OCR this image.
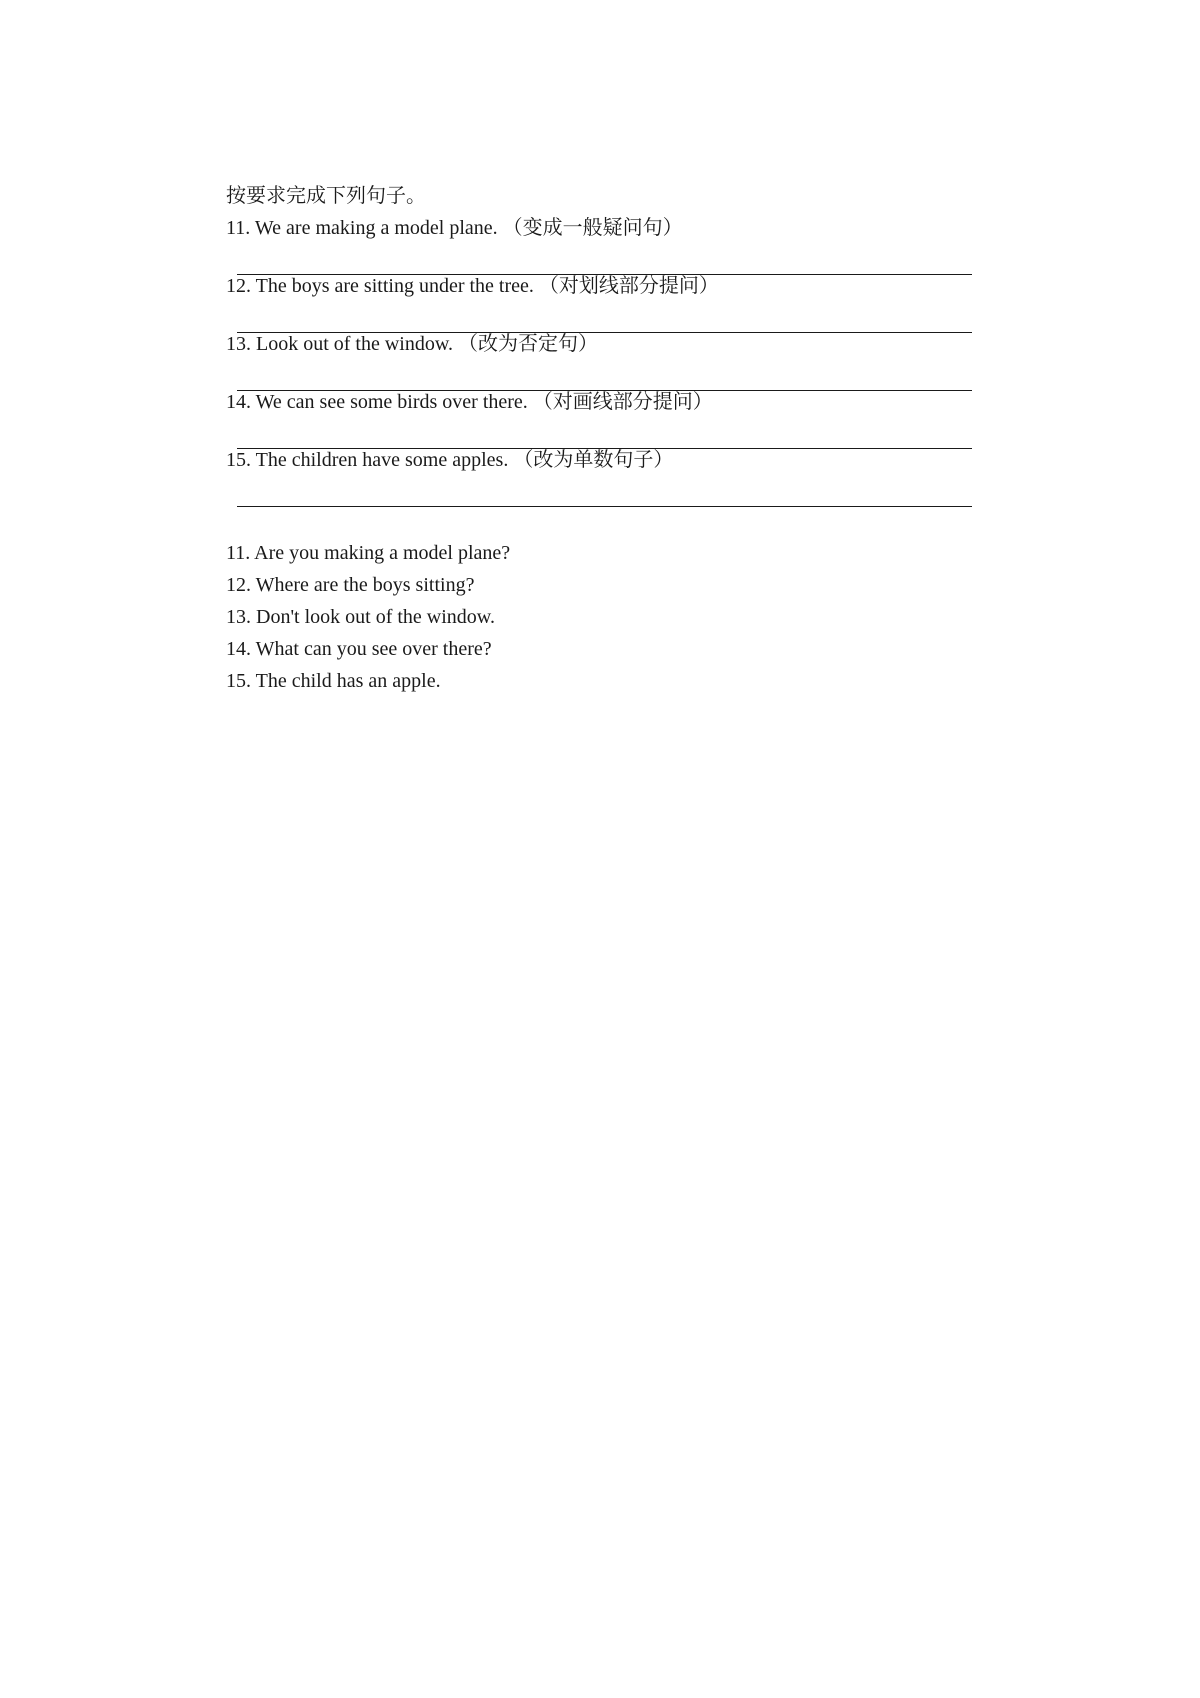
按要求完成下列句子。
11. We are making a model plane. （变成一般疑问句）
12. The boys are sitting under the tree. （对划线部分提问）
13. Look out of the window. （改为否定句）
14. We can see some birds over there. （对画线部分提问）
15. The children have some apples. （改为单数句子）
11. Are you making a model plane?
12. Where are the boys sitting?
13. Don't look out of the window.
14. What can you see over there?
15. The child has an apple.
